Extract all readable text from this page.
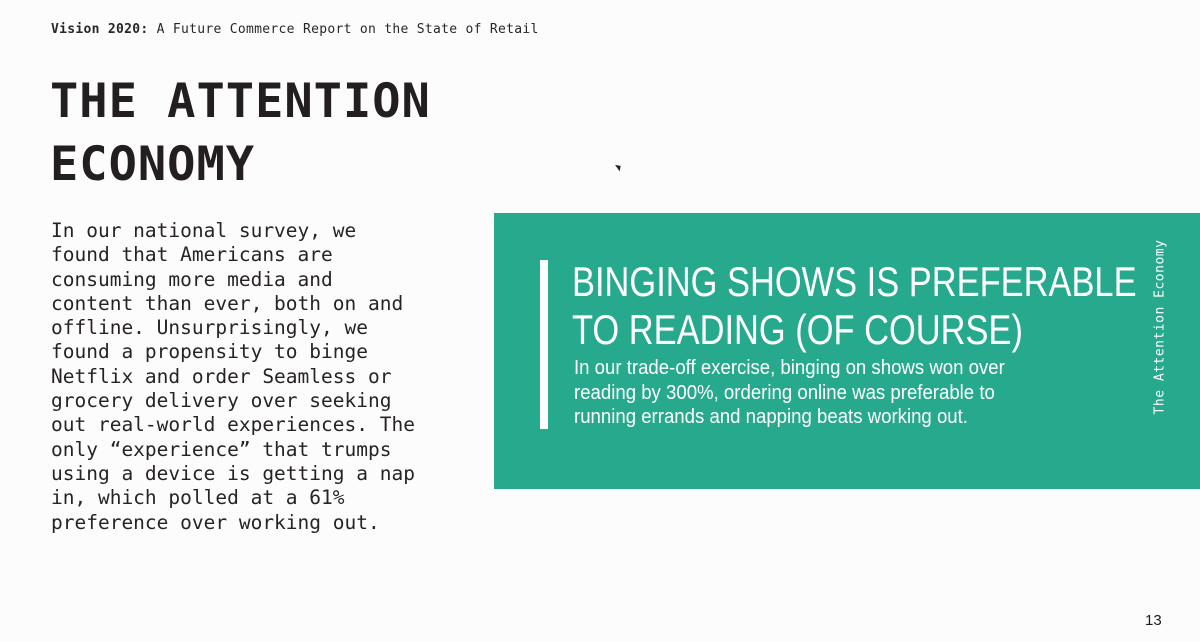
Vision 2020: A Future Commerce Report on the State of Retail
THE ATTENTION
ECONOMY
In our national survey, we
found that Americans are
consuming more media and
content than ever, both on and
offline. Unsurprisingly, we
found a propensity to binge
Netflix and order Seamless or
grocery delivery over seeking
out real-world experiences. The
only “experience” that trumps
using a device is getting a nap
in, which polled at a 61%
preference over working out.
BINGING SHOWS IS PREFERABLE
TO READING (OF COURSE)
In our trade-off exercise, binging on shows won over
reading by 300%, ordering online was preferable to
running errands and napping beats working out.
The Attention Economy
13
